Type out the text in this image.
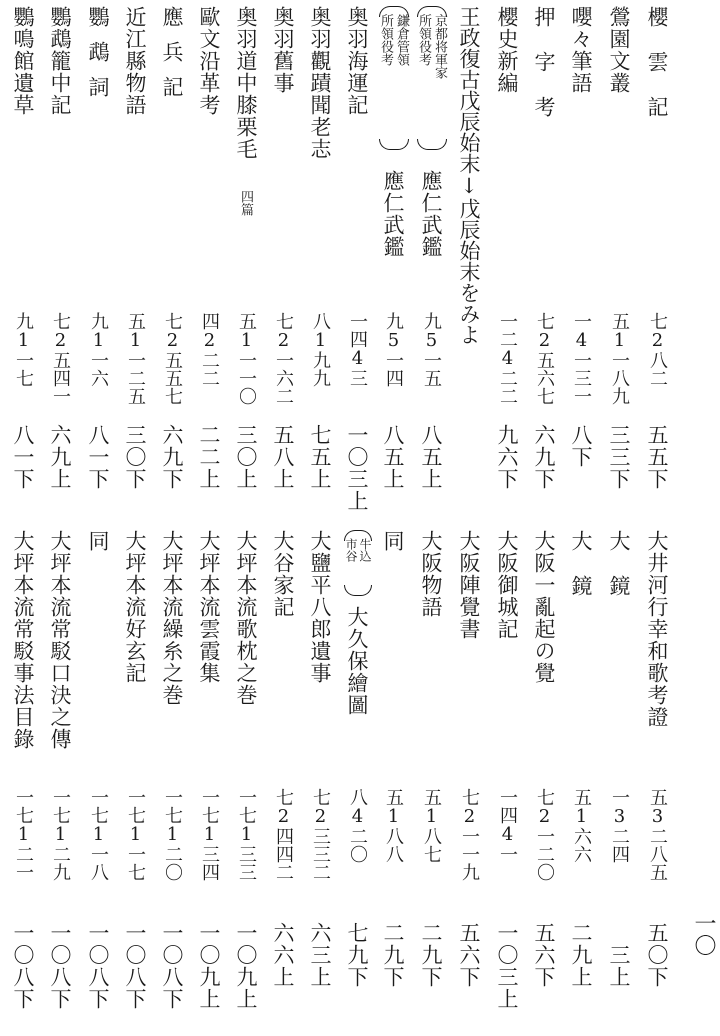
櫻雲記
七2八二
五五下
鶯園文叢
五1一八九
三三下
嚶々筆語
一4一三一
八下
押字考
七2五六七
六九下
櫻史新編
一二4二二
九六下
王政復古戊辰始末↓戊辰始末をみよ
京都将軍家
所領役考
應仁武鑑
九5一五
八五上
鎌倉管領
所領役考
應仁武鑑
九5一四
八五上
奥羽海運記
一四4三
一〇三上
奥羽觀蹟聞老志
八1九九
七五上
奥羽舊事
七2一六二
五八上
奥羽道中膝栗毛
四篇
五1一一〇
三〇上
歐文沿革考
四2二二
二二上
應兵記
七2五五七
六九下
近江縣物語
五1一二五
三〇下
鸚鵡詞
九1一六
八一下
鸚鵡籠中記
七2五四一
六九上
鸚鳴館遺草
九1一七
八一下
大井河行幸和歌考證
五3二八五
五〇下
大鏡
一3二四
三上
大鏡
五1六六
二九上
大阪一亂起の覺
七2一二〇
五六下
大阪御城記
一四4一
一〇三上
大阪陣覺書
七2一一九
五六下
大阪物語
五1八七
二九下
同
五1八八
二九下
牛込
市谷
大久保繪圖
八4二〇
七九下
大鹽平八郎遺事
七2三三二
六三上
大谷家記
七2四四二
六六上
大坪本流歌枕之巻
一七1三三
一〇九上
大坪本流雲霞集
一七1三四
一〇九上
大坪本流繰糸之巻
一七1二〇
一〇八下
大坪本流好玄記
一七1一七
一〇八下
同
一七1一八
一〇八下
大坪本流常駁口決之傳
一七1二九
一〇八下
大坪本流常駁事法目錄
一七1二一
一〇八下	一〇
